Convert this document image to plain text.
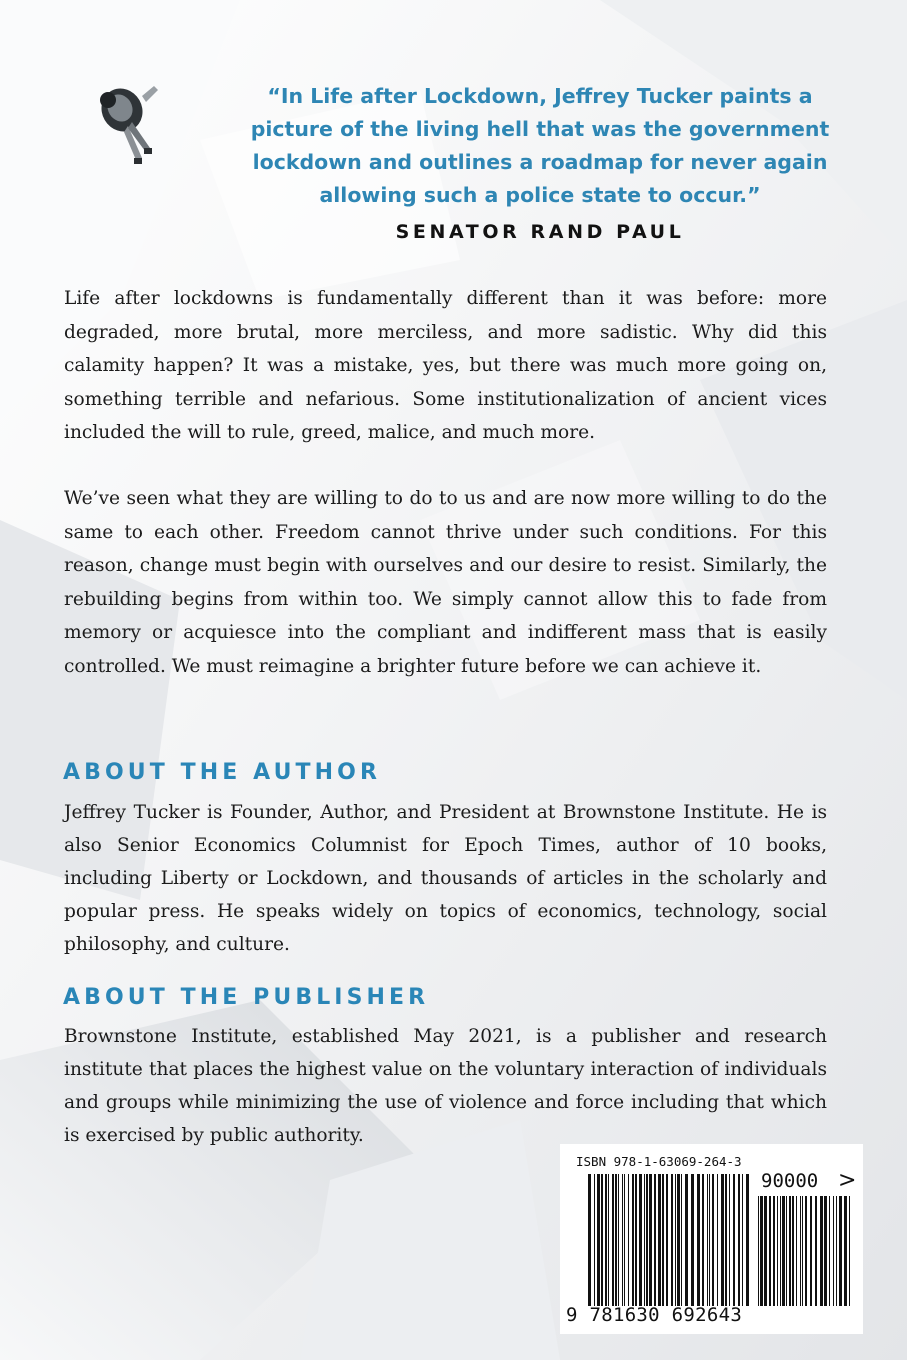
“In Life after Lockdown, Jeffrey Tucker paints a picture of the living hell that was the government lockdown and outlines a roadmap for never again allowing such a police state to occur.”

SENATOR RAND PAUL

Life after lockdowns is fundamentally different than it was before: more degraded, more brutal, more merciless, and more sadistic. Why did this calamity happen? It was a mistake, yes, but there was much more going on, something terrible and nefarious. Some institutionalization of ancient vices included the will to rule, greed, malice, and much more.

We’ve seen what they are willing to do to us and are now more willing to do the same to each other. Freedom cannot thrive under such conditions. For this reason, change must begin with ourselves and our desire to resist. Similarly, the rebuilding begins from within too. We simply cannot allow this to fade from memory or acquiesce into the compliant and indifferent mass that is easily controlled. We must reimagine a brighter future before we can achieve it.

ABOUT THE AUTHOR

Jeffrey Tucker is Founder, Author, and President at Brownstone Institute. He is also Senior Economics Columnist for Epoch Times, author of 10 books, including Liberty or Lockdown, and thousands of articles in the scholarly and popular press. He speaks widely on topics of economics, technology, social philosophy, and culture.

ABOUT THE PUBLISHER

Brownstone Institute, established May 2021, is a publisher and research institute that places the highest value on the voluntary interaction of individuals and groups while minimizing the use of violence and force including that which is exercised by public authority.

ISBN 978-1-63069-264-3

90000 >

9 781630 692643
